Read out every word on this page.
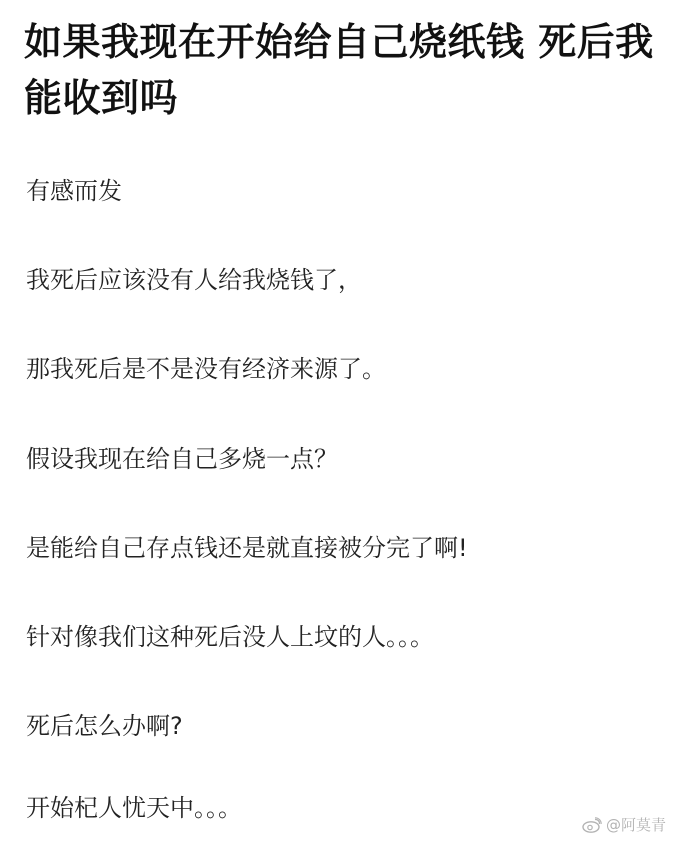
如果我现在开始给自己烧纸钱 死后我能收到吗
有感而发
我死后应该没有人给我烧钱了，
那我死后是不是没有经济来源了。
假设我现在给自己多烧一点？
是能给自己存点钱还是就直接被分完了啊!
针对像我们这种死后没人上坟的人。。。
死后怎么办啊?
开始杞人忧天中。。。
@阿莫青
